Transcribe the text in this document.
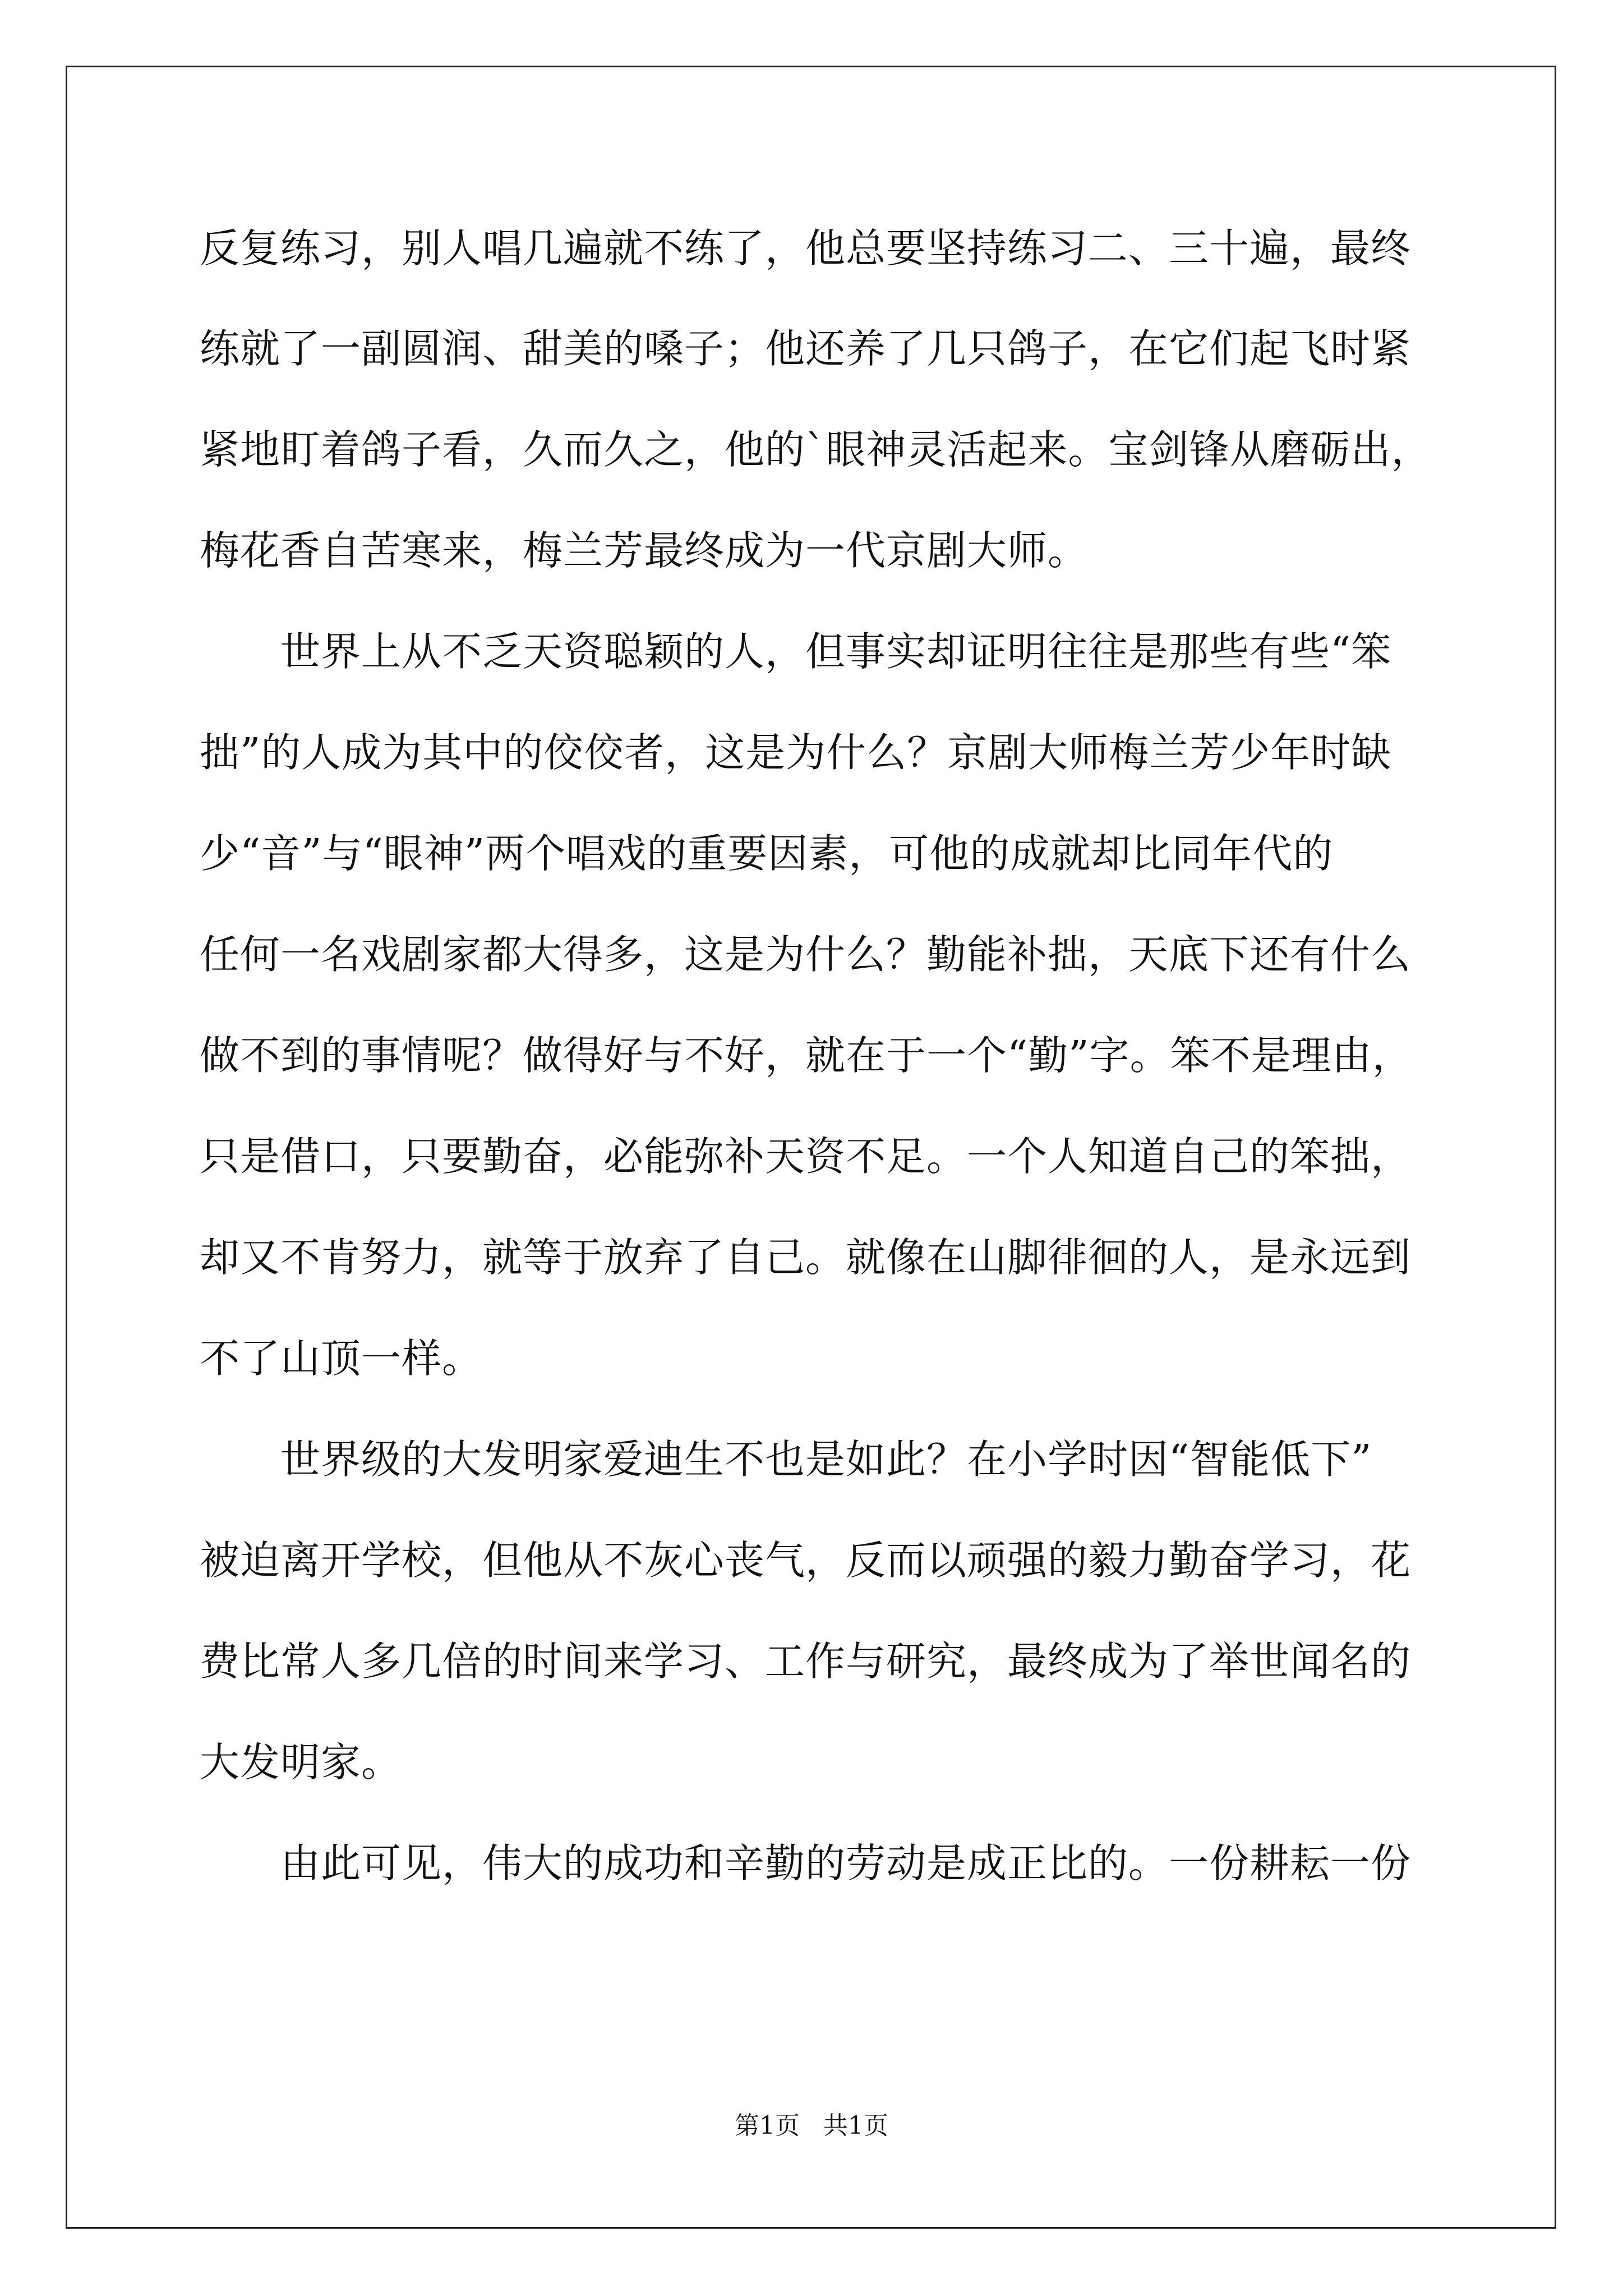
反复练习，别人唱几遍就不练了，他总要坚持练习二、三十遍，最终
练就了一副圆润、甜美的嗓子；他还养了几只鸽子，在它们起飞时紧
紧地盯着鸽子看，久而久之，他的`眼神灵活起来。宝剑锋从磨砺出，
梅花香自苦寒来，梅兰芳最终成为一代京剧大师。
　　世界上从不乏天资聪颖的人，但事实却证明往往是那些有些“笨
拙”的人成为其中的佼佼者，这是为什么？京剧大师梅兰芳少年时缺
少“音”与“眼神”两个唱戏的重要因素，可他的成就却比同年代的
任何一名戏剧家都大得多，这是为什么？勤能补拙，天底下还有什么
做不到的事情呢？做得好与不好，就在于一个“勤”字。笨不是理由，
只是借口，只要勤奋，必能弥补天资不足。一个人知道自己的笨拙，
却又不肯努力，就等于放弃了自己。就像在山脚徘徊的人，是永远到
不了山顶一样。
　　世界级的大发明家爱迪生不也是如此？在小学时因“智能低下”
被迫离开学校，但他从不灰心丧气，反而以顽强的毅力勤奋学习，花
费比常人多几倍的时间来学习、工作与研究，最终成为了举世闻名的
大发明家。
　　由此可见，伟大的成功和辛勤的劳动是成正比的。一份耕耘一份
第1页   共1页
